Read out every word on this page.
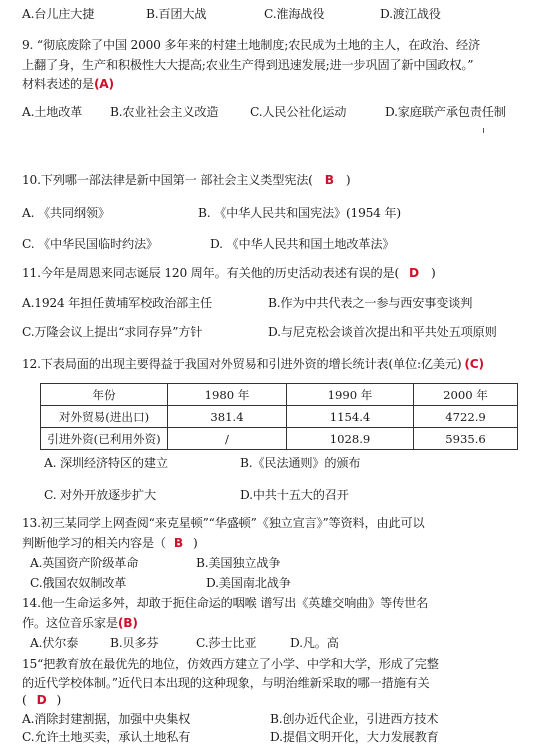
A.台儿庄大捷	B.百团大战	C.淮海战役	D.渡江战役
9. “彻底废除了中国 2000 多年来的村建土地制度;农民成为土地的主人，在政治、经济
上翻了身，生产和积极性大大提高;农业生产得到迅速发展;进一步巩固了新中国政权。”
材料表述的是(A)
A.土地改革 B.农业社会主义改造	C.人民公社化运动	D.家庭联产承包责任制
10.下列哪一部法律是新中国第一 部社会主义类型宪法( B )
A. 《共同纲领》	B. 《中华人民共和国宪法》(1954 年)
C. 《中华民国临时约法》	D. 《中华人民共和国土地改革法》
11.今年是周恩来同志诞辰 120 周年。有关他的历史活动表述有误的是( D )
A.1924 年担任黄埔军校政治部主任	B.作为中共代表之一参与西安事变谈判
C.万隆会议上提出“求同存异”方针	D.与尼克松会谈首次提出和平共处五项原则
12.下表局面的出现主要得益于我国对外贸易和引进外资的增长统计表(单位:亿美元) (C)
年份	1980 年	1990 年	2000 年
对外贸易(进出口)	381.4	1154.4	4722.9
引进外资(已利用外资)	/	1028.9	5935.6
A. 深圳经济特区的建立	B.《民法通则》的颁布
C. 对外开放逐步扩大	D.中共十五大的召开
13.初三某同学上网查阅“来克星顿”“华盛顿”《独立宣言》”等资料，由此可以
判断他学习的相关内容是（ B )
A.英国资产阶级革命	B.美国独立战争
C.俄国农奴制改革	D.美国南北战争
14.他一生命运多舛，却敢于扼住命运的咽喉 谱写出《英雄交响曲》等传世名
作。这位音乐家是(B)
A.伏尔泰	B.贝多芬	C.莎士比亚	D.凡。高
15“把教育放在最优先的地位，仿效西方建立了小学、中学和大学，形成了完整
的近代学校体制。”近代日本出现的这种现象，与明治维新采取的哪一措施有关
( D )
A.消除封建割据，加强中央集权	B.创办近代企业，引进西方技术
C.允许土地买卖，承认土地私有	D.提倡文明开化，大力发展教育
